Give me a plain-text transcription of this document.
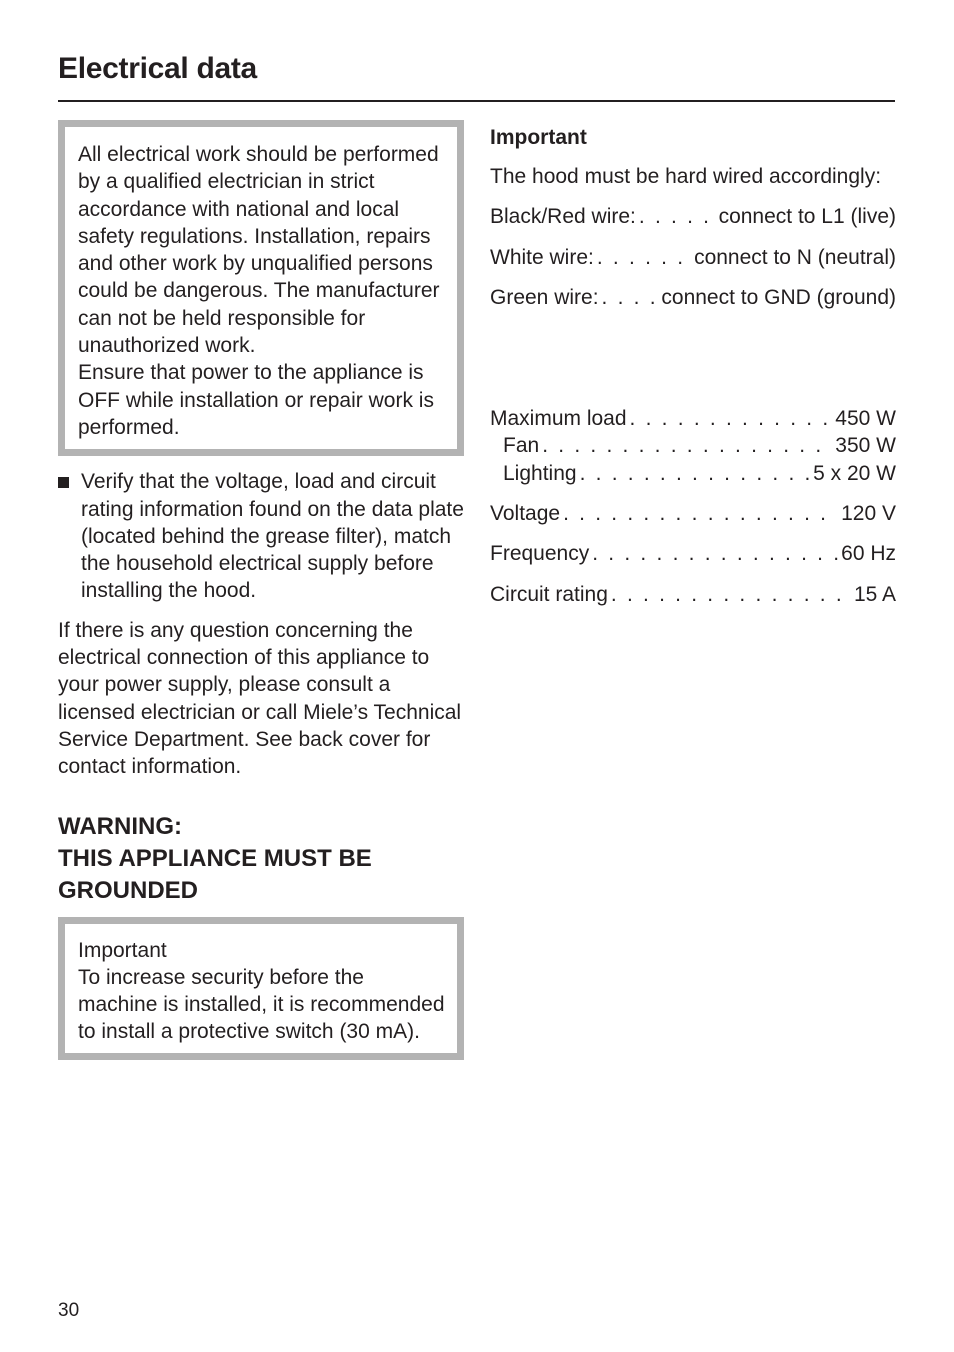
Electrical data

All electrical work should be performed by a qualified electrician in strict accordance with national and local safety regulations. Installation, repairs and other work by unqualified persons could be dangerous. The manufacturer can not be held responsible for unauthorized work.

Ensure that power to the appliance is OFF while installation or repair work is performed.

Verify that the voltage, load and circuit rating information found on the data plate (located behind the grease filter), match the household electrical supply before installing the hood.
If there is any question concerning the electrical connection of this appliance to your power supply, please consult a licensed electrician or call Miele’s Technical Service Department. See back cover for contact information.
WARNING:
THIS APPLIANCE MUST BE
GROUNDED

Important

To increase security before the machine is installed, it is recommended to install a protective switch (30 mA).

Important
The hood must be hard wired accordingly:
Black/Red wire: . . .	connect to L1 (live)
White wire: . . .	connect to N (neutral)
Green wire: . . .	connect to GND (ground)
Maximum load . . .	450 W
Fan . . .	350 W
Lighting . . .	5 x 20 W
Voltage . . .	120 V
Frequency . . .	60 Hz
Circuit rating . . .	15 A
30
